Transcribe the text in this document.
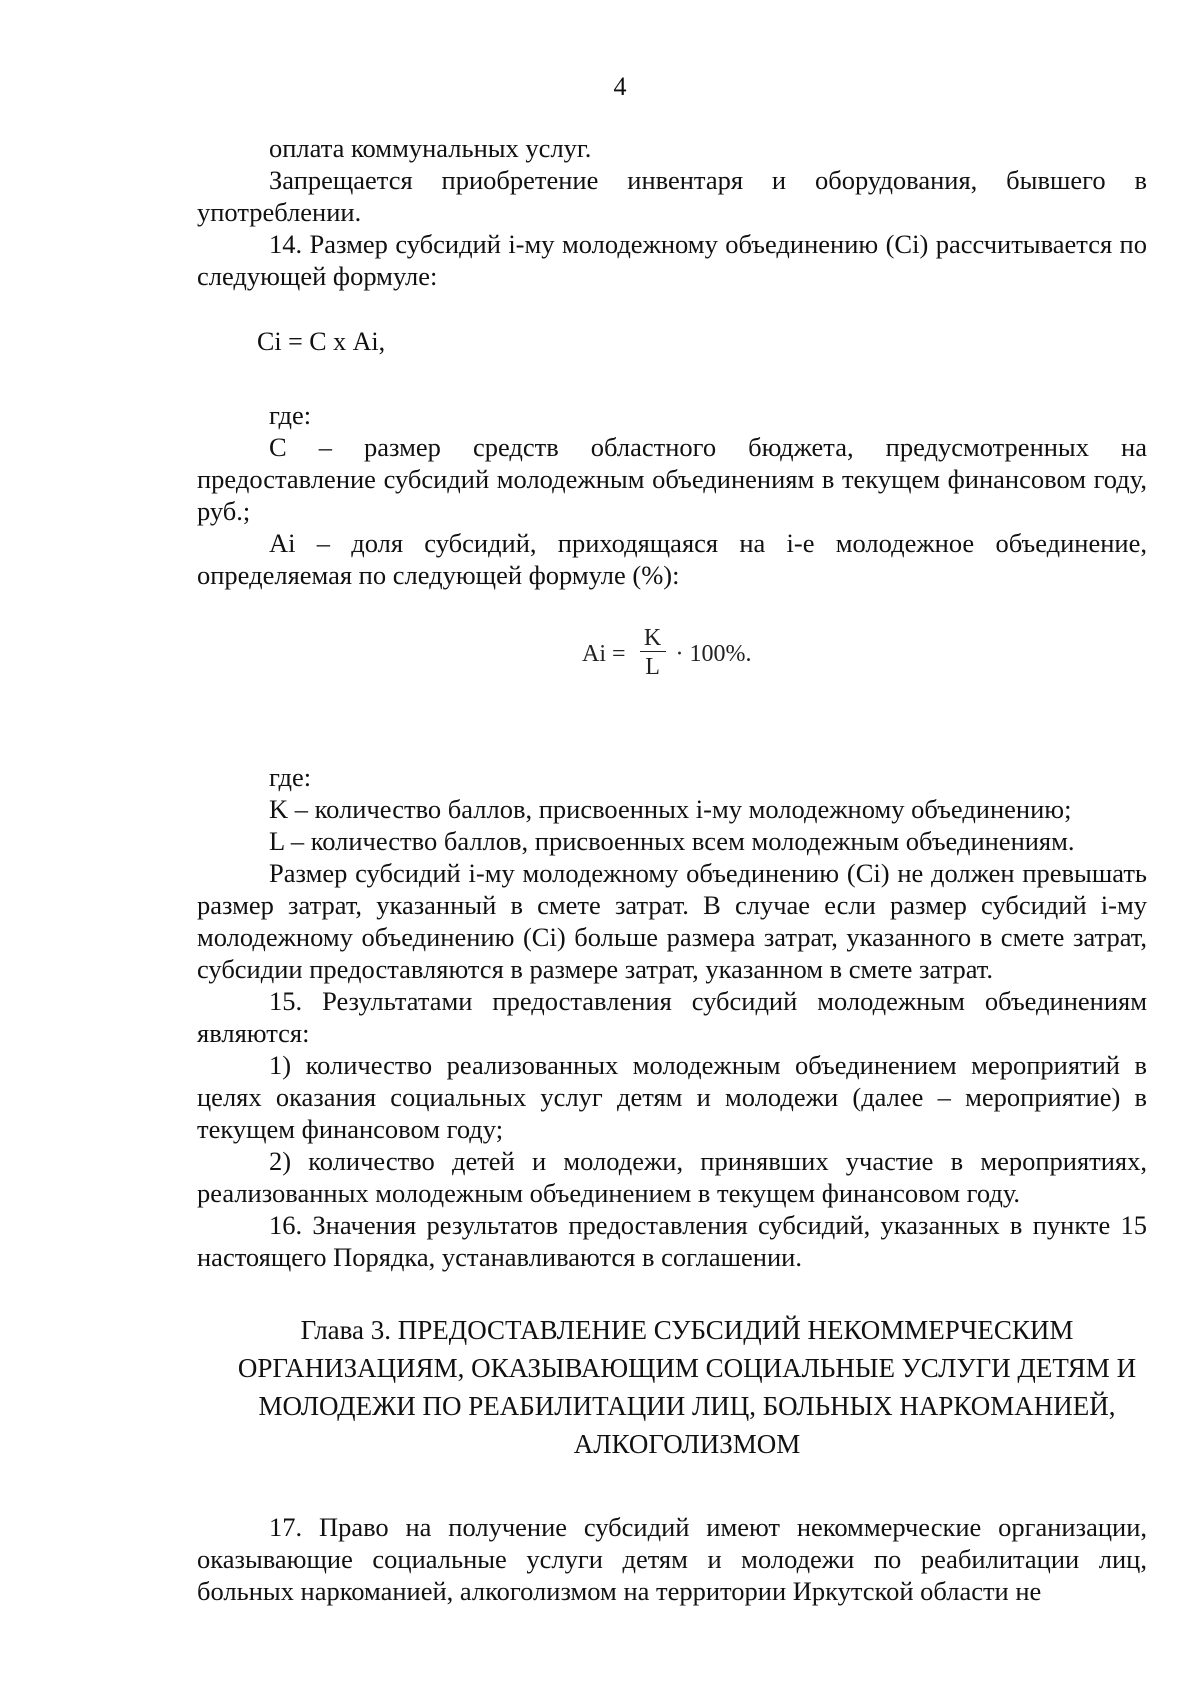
4

оплата коммунальных услуг.

Запрещается приобретение инвентаря и оборудования, бывшего в употреблении.

14. Размер субсидий i-му молодежному объединению (Сi) рассчитывается по следующей формуле:

Сi = С х Аi,

где:

С – размер средств областного бюджета, предусмотренных на предоставление субсидий молодежным объединениям в текущем финансовом году, руб.;

Аi – доля субсидий, приходящаяся на i-е молодежное объединение, определяемая по следующей формуле (%):

Аi = $\frac{K}{L} \cdot 100\%$.

где:

K – количество баллов, присвоенных i-му молодежному объединению;

L – количество баллов, присвоенных всем молодежным объединениям.

Размер субсидий i-му молодежному объединению (Сi) не должен превышать размер затрат, указанный в смете затрат. В случае если размер субсидий i-му молодежному объединению (Сi) больше размера затрат, указанного в смете затрат, субсидии предоставляются в размере затрат, указанном в смете затрат.

15. Результатами предоставления субсидий молодежным объединениям являются:

1) количество реализованных молодежным объединением мероприятий в целях оказания социальных услуг детям и молодежи (далее – мероприятие) в текущем финансовом году;

2) количество детей и молодежи, принявших участие в мероприятиях, реализованных молодежным объединением в текущем финансовом году.

16. Значения результатов предоставления субсидий, указанных в пункте 15 настоящего Порядка, устанавливаются в соглашении.

Глава 3. ПРЕДОСТАВЛЕНИЕ СУБСИДИЙ НЕКОММЕРЧЕСКИМ ОРГАНИЗАЦИЯМ, ОКАЗЫВАЮЩИМ СОЦИАЛЬНЫЕ УСЛУГИ ДЕТЯМ И МОЛОДЕЖИ ПО РЕАБИЛИТАЦИИ ЛИЦ, БОЛЬНЫХ НАРКОМАНИЕЙ, АЛКОГОЛИЗМОМ

17. Право на получение субсидий имеют некоммерческие организации, оказывающие социальные услуги детям и молодежи по реабилитации лиц, больных наркоманией, алкоголизмом на территории Иркутской области не
